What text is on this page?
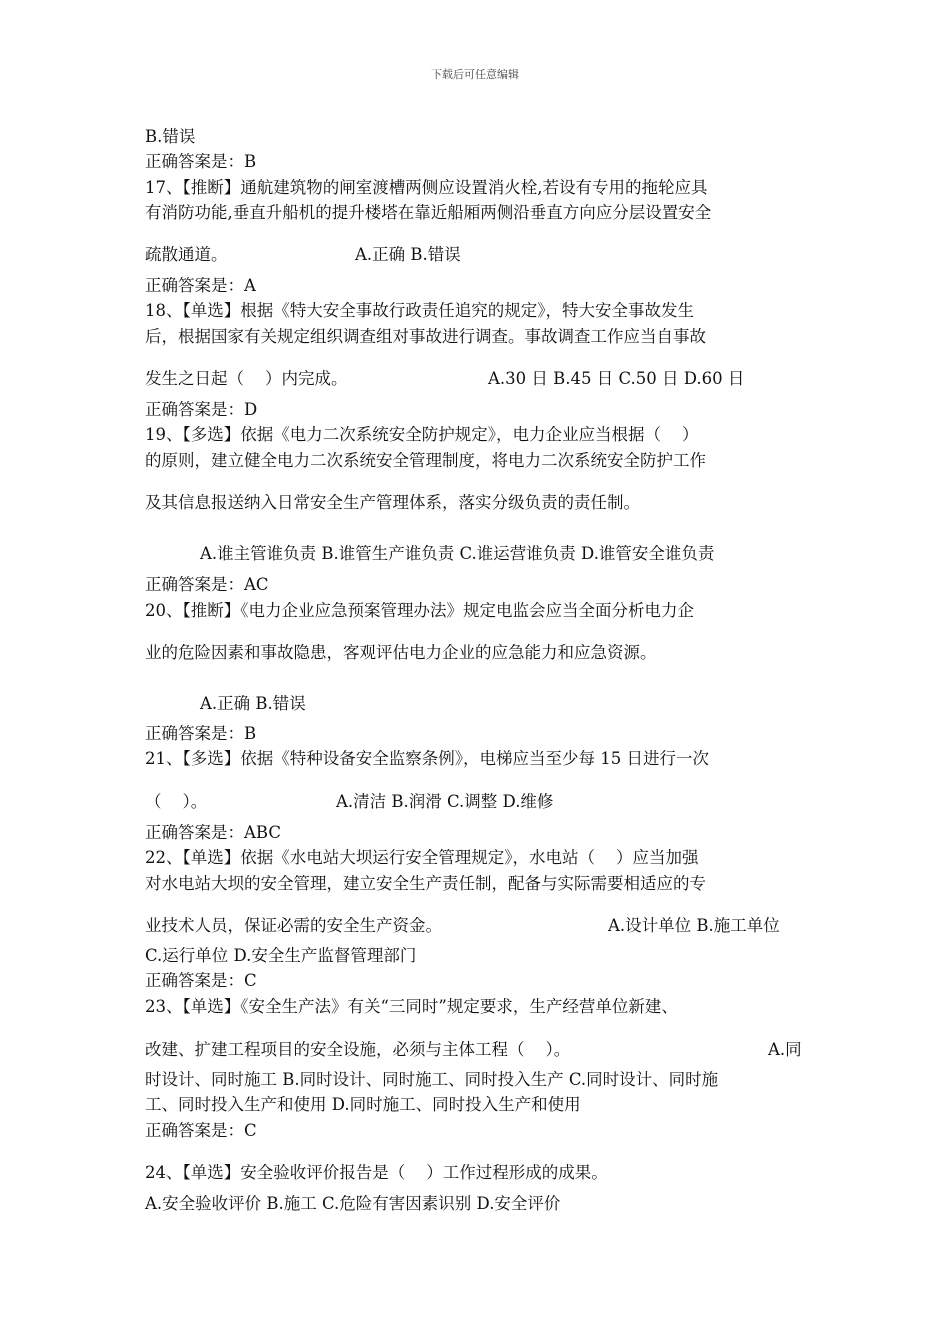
下载后可任意编辑
B.错误
正确答案是：B
17、【推断】通航建筑物的闸室渡槽两侧应设置消火栓,若设有专用的拖轮应具
有消防功能,垂直升船机的提升楼塔在靠近船厢两侧沿垂直方向应分层设置安全
疏散通道。	A.正确 B.错误
正确答案是：A
18、【单选】根据《特大安全事故行政责任追究的规定》，特大安全事故发生
后，根据国家有关规定组织调查组对事故进行调查。事故调查工作应当自事故
发生之日起（    ）内完成。	A.30 日 B.45 日 C.50 日 D.60 日
正确答案是：D
19、【多选】依据《电力二次系统安全防护规定》，电力企业应当根据（    ）
的原则，建立健全电力二次系统安全管理制度，将电力二次系统安全防护工作
及其信息报送纳入日常安全生产管理体系，落实分级负责的责任制。
A.谁主管谁负责 B.谁管生产谁负责 C.谁运营谁负责 D.谁管安全谁负责
正确答案是：AC
20、【推断】《电力企业应急预案管理办法》规定电监会应当全面分析电力企
业的危险因素和事故隐患，客观评估电力企业的应急能力和应急资源。
A.正确 B.错误
正确答案是：B
21、【多选】依据《特种设备安全监察条例》，电梯应当至少每 15 日进行一次
（    ）。	A.清洁 B.润滑 C.调整 D.维修
正确答案是：ABC
22、【单选】依据《水电站大坝运行安全管理规定》，水电站（    ）应当加强
对水电站大坝的安全管理，建立安全生产责任制，配备与实际需要相适应的专
业技术人员，保证必需的安全生产资金。	A.设计单位 B.施工单位
C.运行单位 D.安全生产监督管理部门
正确答案是：C
23、【单选】《安全生产法》有关“三同时”规定要求，生产经营单位新建、
改建、扩建工程项目的安全设施，必须与主体工程（    ）。	A.同
时设计、同时施工 B.同时设计、同时施工、同时投入生产 C.同时设计、同时施
工、同时投入生产和使用 D.同时施工、同时投入生产和使用
正确答案是：C
24、【单选】安全验收评价报告是（    ）工作过程形成的成果。
A.安全验收评价 B.施工 C.危险有害因素识别 D.安全评价
